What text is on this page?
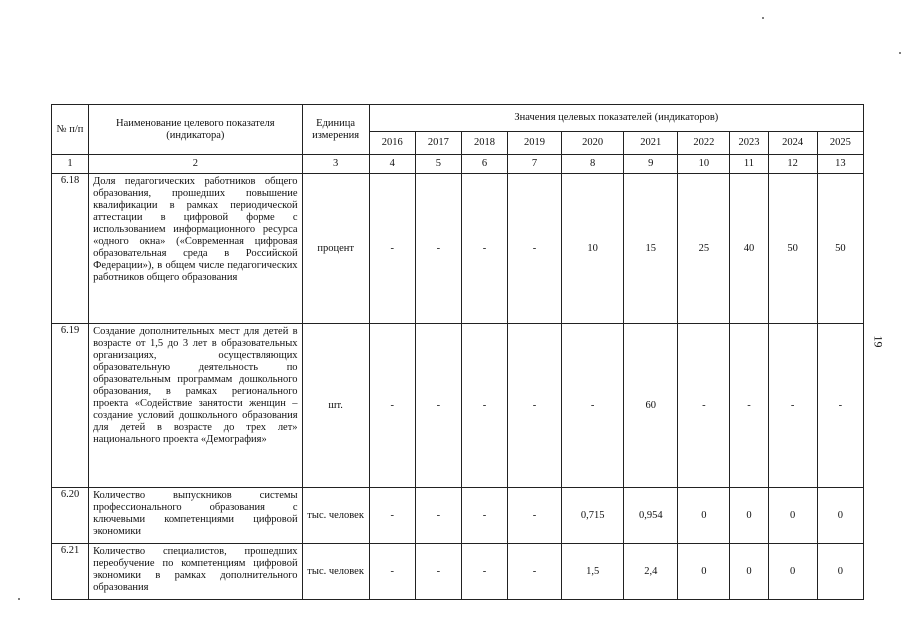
№ п/п	Наименование целевого показателя (индикатора)	Единица измерения	Значения целевых показателей (индикаторов)									
			2016	2017	2018	2019	2020	2021	2022	2023	2024	2025
1	2	3	4	5	6	7	8	9	10	11	12	13
6.18	Доля педагогических работников общего образования, прошедших повышение квалификации в рамках периодической аттестации в цифровой форме с использованием информационного ресурса «одного окна» («Современная цифровая образовательная среда в Российской Федерации»), в общем числе педагогических работников общего образования	процент	-	-	-	-	10	15	25	40	50	50
6.19	Создание дополнительных мест для детей в возрасте от 1,5 до 3 лет в образовательных организациях, осуществляющих образовательную деятельность по образовательным программам дошкольного образования, в рамках регионального проекта «Содействие занятости женщин – создание условий дошкольного образования для детей в возрасте до трех лет» национального проекта «Демография»	шт.	-	-	-	-	-	60	-	-	-	-
6.20	Количество выпускников системы профессионального образования с ключевыми компетенциями цифровой экономики	тыс. человек	-	-	-	-	0,715	0,954	0	0	0	0
6.21	Количество специалистов, прошедших переобучение по компетенциям цифровой экономики в рамках дополнительного образования	тыс. человек	-	-	-	-	1,5	2,4	0	0	0	0
19
